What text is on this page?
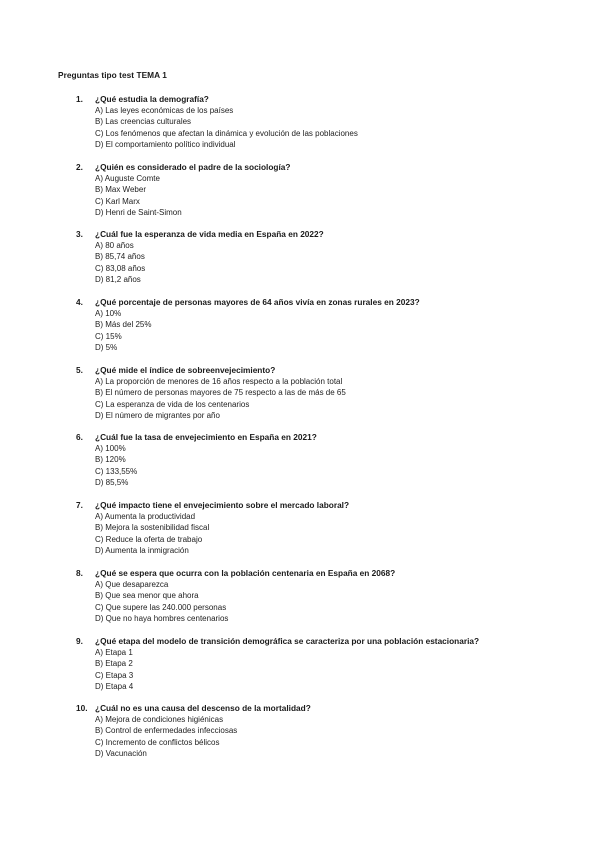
Preguntas tipo test TEMA 1
1.	¿Qué estudia la demografía?
A) Las leyes económicas de los países
B) Las creencias culturales
C) Los fenómenos que afectan la dinámica y evolución de las poblaciones
D) El comportamiento político individual
2.	¿Quién es considerado el padre de la sociología?
A) Auguste Comte
B) Max Weber
C) Karl Marx
D) Henri de Saint-Simon
3.	¿Cuál fue la esperanza de vida media en España en 2022?
A) 80 años
B) 85,74 años
C) 83,08 años
D) 81,2 años
4.	¿Qué porcentaje de personas mayores de 64 años vivía en zonas rurales en 2023?
A) 10%
B) Más del 25%
C) 15%
D) 5%
5.	¿Qué mide el índice de sobreenvejecimiento?
A) La proporción de menores de 16 años respecto a la población total
B) El número de personas mayores de 75 respecto a las de más de 65
C) La esperanza de vida de los centenarios
D) El número de migrantes por año
6.	¿Cuál fue la tasa de envejecimiento en España en 2021?
A) 100%
B) 120%
C) 133,55%
D) 85,5%
7.	¿Qué impacto tiene el envejecimiento sobre el mercado laboral?
A) Aumenta la productividad
B) Mejora la sostenibilidad fiscal
C) Reduce la oferta de trabajo
D) Aumenta la inmigración
8.	¿Qué se espera que ocurra con la población centenaria en España en 2068?
A) Que desaparezca
B) Que sea menor que ahora
C) Que supere las 240.000 personas
D) Que no haya hombres centenarios
9.	¿Qué etapa del modelo de transición demográfica se caracteriza por una población estacionaria?
A) Etapa 1
B) Etapa 2
C) Etapa 3
D) Etapa 4
10. ¿Cuál no es una causa del descenso de la mortalidad?
A) Mejora de condiciones higiénicas
B) Control de enfermedades infecciosas
C) Incremento de conflictos bélicos
D) Vacunación
